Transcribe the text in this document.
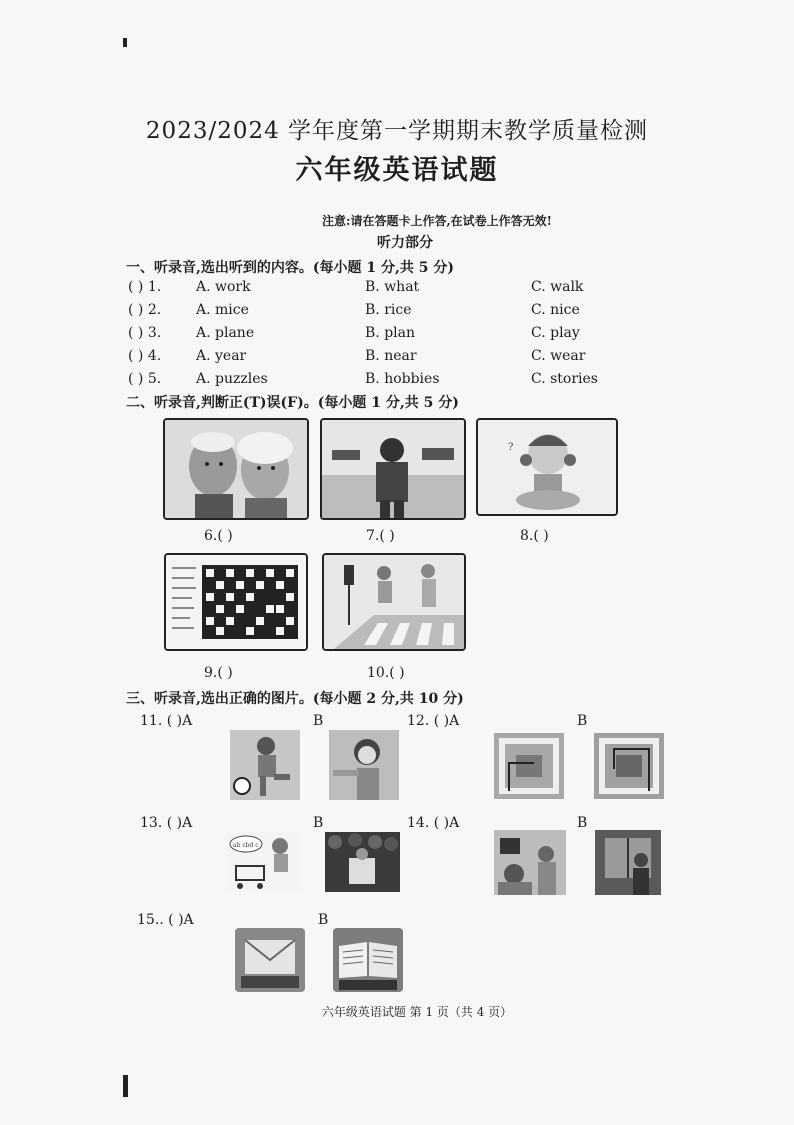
2023/2024 学年度第一学期期末教学质量检测
六年级英语试题
注意:请在答题卡上作答,在试卷上作答无效!
听力部分
一、听录音,选出听到的内容。(每小题 1 分,共 5 分)
( ) 1. A. work	B. what	C. walk
( ) 2. A. mice	B. rice	C. nice
( ) 3. A. plane	B. plan	C. play
( ) 4. A. year	B. near	C. wear
( ) 5. A. puzzles	B. hobbies	C. stories
二、听录音,判断正(T)误(F)。(每小题 1 分,共 5 分)
6.( )	7.( )
?
8.( )
9.( )	10.( )
三、听录音,选出正确的图片。(每小题 2 分,共 10 分)
11. ( )A	B	12. ( )A	B
13. ( )A	B
ab cbd c
14. ( )A	B
15.. ( )A	B
六年级英语试题 第 1 页（共 4 页）
